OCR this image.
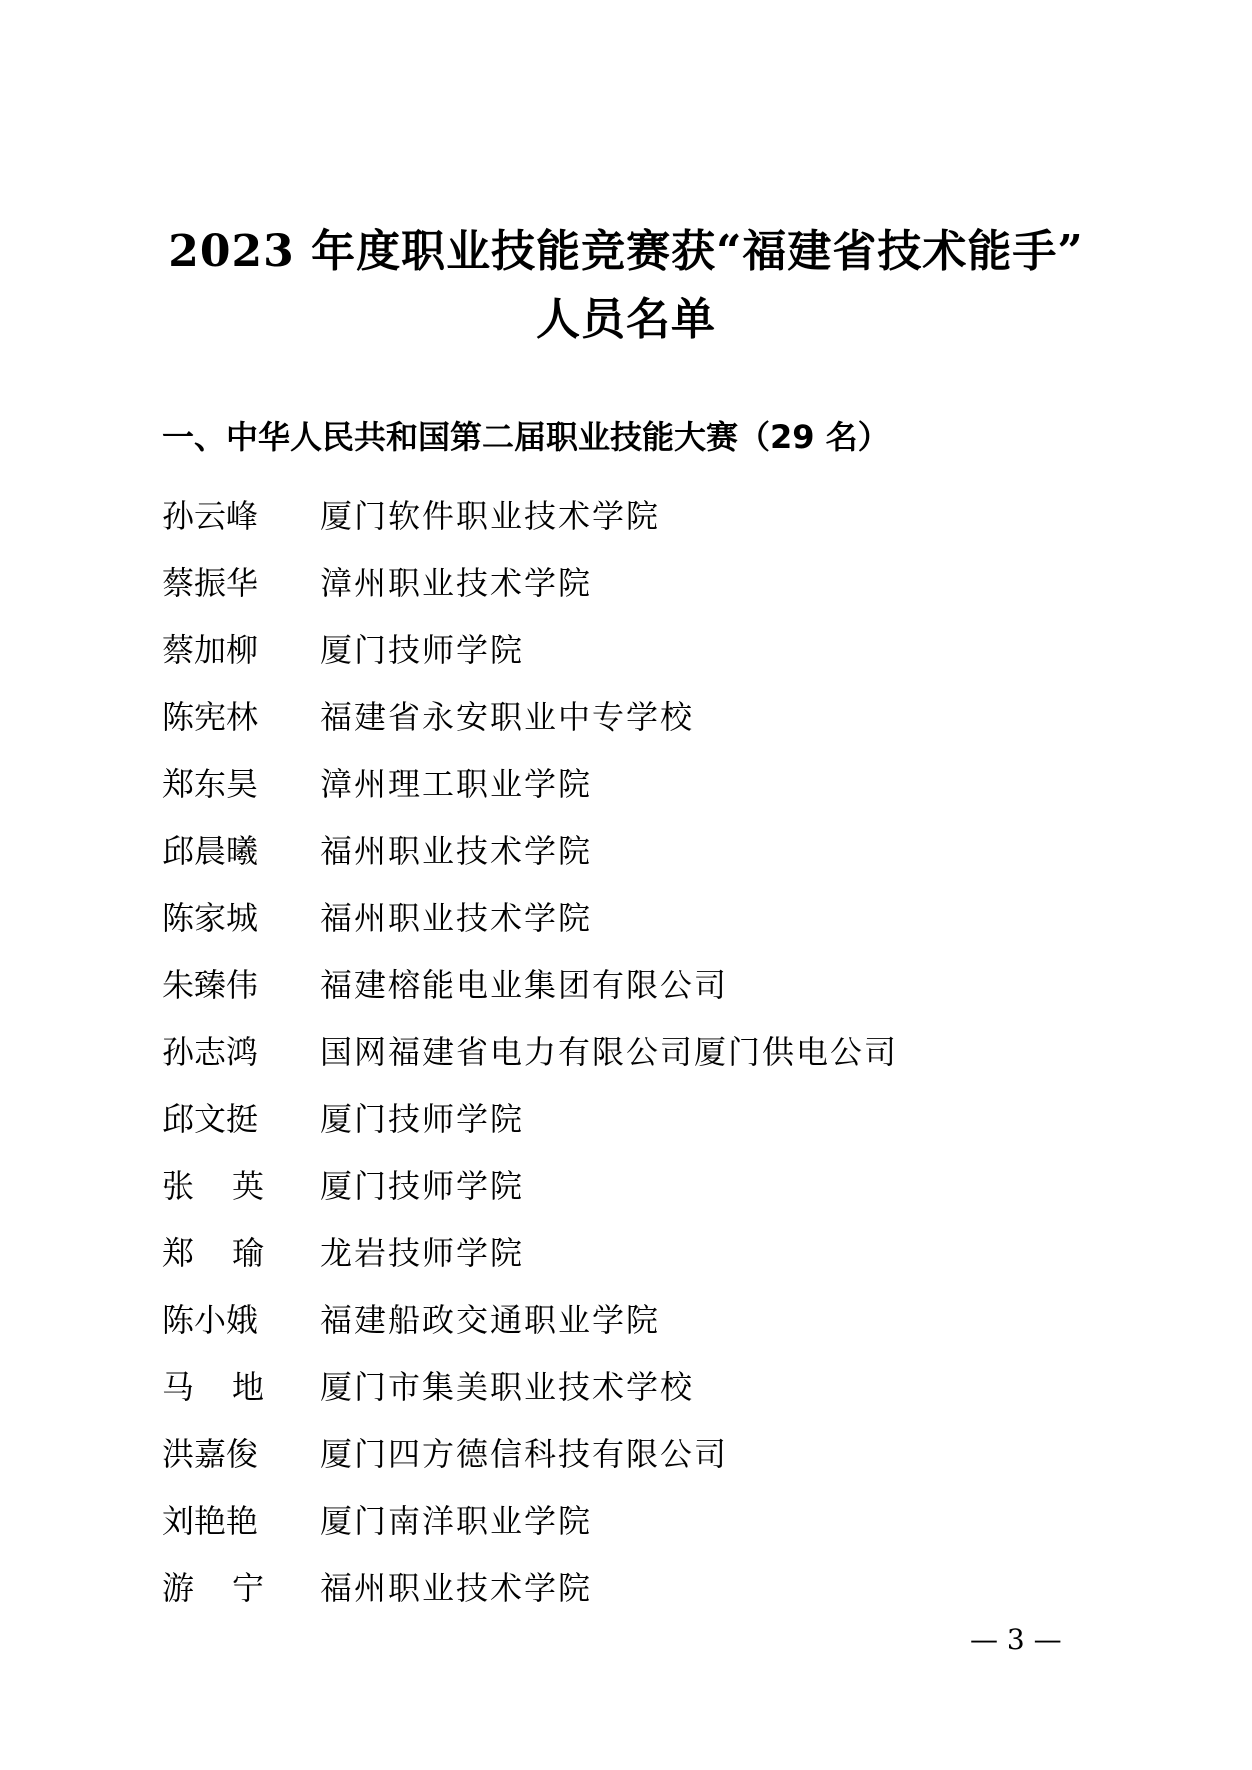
2023 年度职业技能竞赛获“福建省技术能手”
人员名单
一、中华人民共和国第二届职业技能大赛（29 名）
孙云峰	厦门软件职业技术学院
蔡振华	漳州职业技术学院
蔡加柳	厦门技师学院
陈宪林	福建省永安职业中专学校
郑东昊	漳州理工职业学院
邱晨曦	福州职业技术学院
陈家城	福州职业技术学院
朱臻伟	福建榕能电业集团有限公司
孙志鸿	国网福建省电力有限公司厦门供电公司
邱文挺	厦门技师学院
张 英 厦门技师学院
郑 瑜 龙岩技师学院
陈小娥	福建船政交通职业学院
马 地 厦门市集美职业技术学校
洪嘉俊	厦门四方德信科技有限公司
刘艳艳	厦门南洋职业学院
游 宁 福州职业技术学院
— 3 —
